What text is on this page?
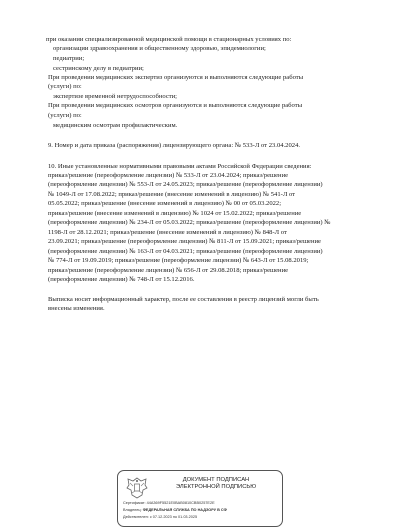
при оказании специализированной медицинской помощи в стационарных условиях по:
организации здравоохранения и общественному здоровью, эпидемиологии;
педиатрии;
сестринскому делу в педиатрии;
При проведении медицинских экспертиз организуются и выполняются следующие работы
(услуги) по:
экспертизе временной нетрудоспособности;
При проведении медицинских осмотров организуются и выполняются следующие работы
(услуги) по:
медицинским осмотрам профилактическим.
9. Номер и дата приказа (распоряжения) лицензирующего органа: № 533-Л от 23.04.2024.
10. Иные установленные нормативными правовыми актами Российской Федерации сведения:
приказ/решение (переоформление лицензии) № 533-Л от 23.04.2024; приказ/решение
(переоформление лицензии) № 553-Л от 24.05.2023; приказ/решение (переоформление лицензии)
№ 1049-Л от 17.08.2022; приказ/решение (внесение изменений в лицензию) № 541-Л от
05.05.2022; приказ/решение (внесение изменений в лицензию) № 00 от 05.03.2022;
приказ/решение (внесение изменений в лицензию) № 1024 от 15.02.2022; приказ/решение
(переоформление лицензии) № 234-Л от 05.03.2022; приказ/решение (переоформление лицензии) №
1198-Л от 28.12.2021; приказ/решение (внесение изменений в лицензию) № 848-Л от
23.09.2021; приказ/решение (переоформление лицензии) № 811-Л от 15.09.2021; приказ/решение
(переоформление лицензии) № 163-Л от 04.03.2021; приказ/решение (переоформление лицензии)
№ 774-Л от 19.09.2019; приказ/решение (переоформление лицензии) № 643-Л от 15.08.2019;
приказ/решение (переоформление лицензии) № 656-Л от 29.08.2018; приказ/решение
(переоформление лицензии) № 748-Л от 15.12.2016.
Выписка носит информационный характер, после ее составления в реестр лицензий могли быть
внесены изменения.
ДОКУМЕНТ ПОДПИСАН
ЭЛЕКТРОННОЙ ПОДПИСЬЮ
Сертификат: 44A369F5521E0BAB0810CBB0257E2E
Владелец: ФЕДЕРАЛЬНАЯ СЛУЖБА ПО НАДЗОРУ В СФ
Действителен: с 07.12.2023 по 01.03.2025
